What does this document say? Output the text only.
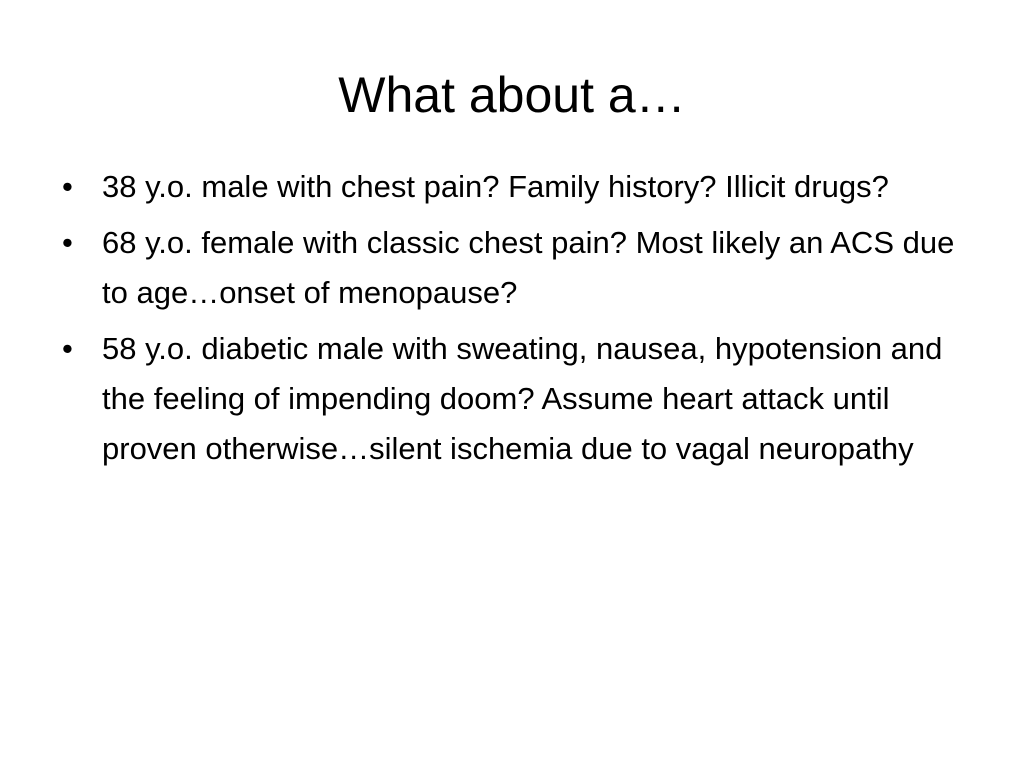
What about a…
• 38 y.o. male with chest pain? Family history? Illicit drugs?
• 68 y.o. female with classic chest pain? Most likely an ACS due to age…onset of menopause?
• 58 y.o. diabetic male with sweating, nausea, hypotension and the feeling of impending doom? Assume heart attack until proven otherwise…silent ischemia due to vagal neuropathy
